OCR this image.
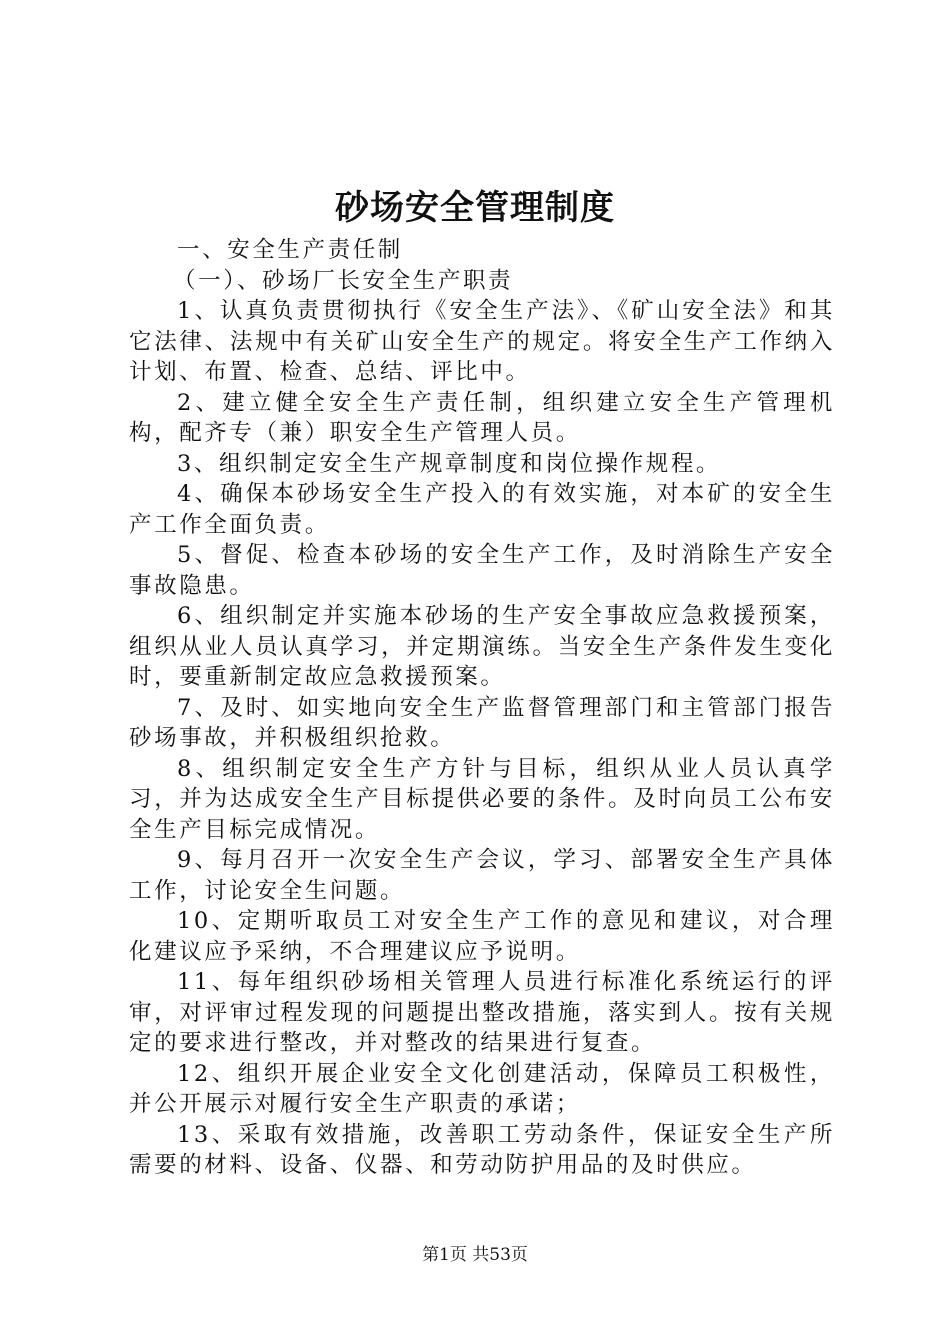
砂场安全管理制度

一、安全生产责任制

（一）、砂场厂长安全生产职责

1、认真负责贯彻执行《安全生产法》、《矿山安全法》和其它法律、法规中有关矿山安全生产的规定。将安全生产工作纳入计划、布置、检查、总结、评比中。

2、建立健全安全生产责任制，组织建立安全生产管理机构，配齐专（兼）职安全生产管理人员。

3、组织制定安全生产规章制度和岗位操作规程。

4、确保本砂场安全生产投入的有效实施，对本矿的安全生产工作全面负责。

5、督促、检查本砂场的安全生产工作，及时消除生产安全事故隐患。

6、组织制定并实施本砂场的生产安全事故应急救援预案，组织从业人员认真学习，并定期演练。当安全生产条件发生变化时，要重新制定故应急救援预案。

7、及时、如实地向安全生产监督管理部门和主管部门报告砂场事故，并积极组织抢救。

8、组织制定安全生产方针与目标，组织从业人员认真学习，并为达成安全生产目标提供必要的条件。及时向员工公布安全生产目标完成情况。

9、每月召开一次安全生产会议，学习、部署安全生产具体工作，讨论安全生问题。

10、定期听取员工对安全生产工作的意见和建议，对合理化建议应予采纳，不合理建议应予说明。

11、每年组织砂场相关管理人员进行标准化系统运行的评审，对评审过程发现的问题提出整改措施，落实到人。按有关规定的要求进行整改，并对整改的结果进行复查。

12、组织开展企业安全文化创建活动，保障员工积极性，并公开展示对履行安全生产职责的承诺；

13、采取有效措施，改善职工劳动条件，保证安全生产所需要的材料、设备、仪器、和劳动防护用品的及时供应。

第1页 共53页
